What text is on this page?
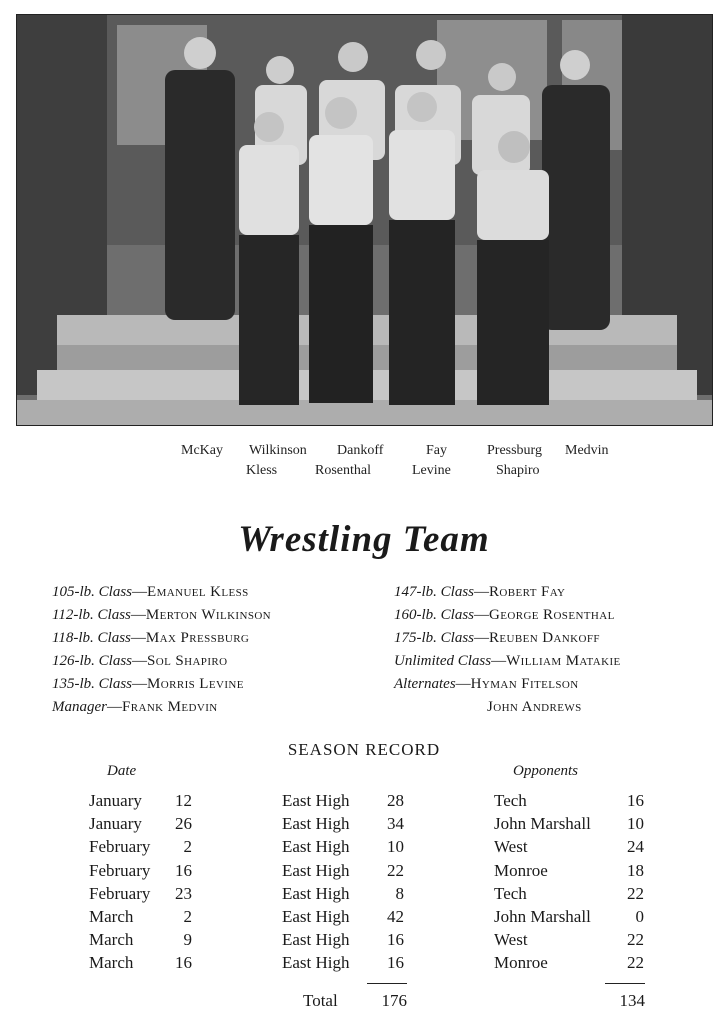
McKay Wilkinson Dankoff	Fay	Pressburg Medvin
Kless	Rosenthal	Levine	Shapiro
Wrestling Team
105-lb. Class—Emanuel Kless
112-lb. Class—Merton Wilkinson
118-lb. Class—Max Pressburg
126-lb. Class—Sol Shapiro
135-lb. Class—Morris Levine
Manager—Frank Medvin
147-lb. Class—Robert Fay
160-lb. Class—George Rosenthal
175-lb. Class—Reuben Dankoff
Unlimited Class—William Matakie
Alternates—Hyman Fitelson
John Andrews
SEASON RECORD
Date	Opponents
January	12	East High	28	Tech	16
January	26	East High	34	John Marshall	10
February	2	East High	10	West	24
February	16	East High	22	Monroe	18
February	23	East High	8	Tech	22
March	2	East High	42	John Marshall	0
March	9	East High	16	West	22
March	16	East High	16	Monroe	22
Total	176	134
